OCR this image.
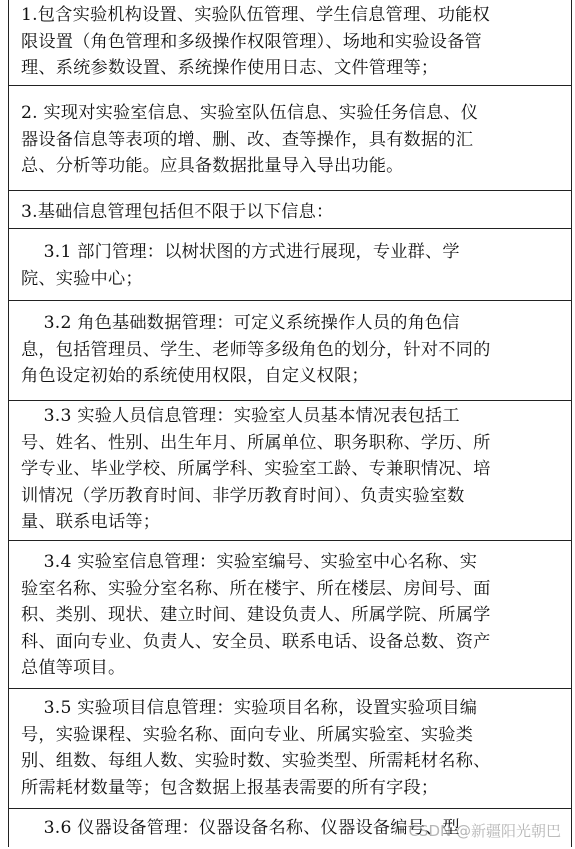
1.包含实验机构设置、实验队伍管理、学生信息管理、功能权
限设置（角色管理和多级操作权限管理）、场地和实验设备管
理、系统参数设置、系统操作使用日志、文件管理等；
2. 实现对实验室信息、实验室队伍信息、实验任务信息、仪
器设备信息等表项的增、删、改、查等操作，具有数据的汇
总、分析等功能。应具备数据批量导入导出功能。
3.基础信息管理包括但不限于以下信息：
3.1 部门管理：以树状图的方式进行展现，专业群、学
院、实验中心；
3.2 角色基础数据管理：可定义系统操作人员的角色信
息，包括管理员、学生、老师等多级角色的划分，针对不同的
角色设定初始的系统使用权限，自定义权限；
3.3 实验人员信息管理：实验室人员基本情况表包括工
号、姓名、性别、出生年月、所属单位、职务职称、学历、所
学专业、毕业学校、所属学科、实验室工龄、专兼职情况、培
训情况（学历教育时间、非学历教育时间）、负责实验室数
量、联系电话等；
3.4 实验室信息管理：实验室编号、实验室中心名称、实
验室名称、实验分室名称、所在楼宇、所在楼层、房间号、面
积、类别、现状、建立时间、建设负责人、所属学院、所属学
科、面向专业、负责人、安全员、联系电话、设备总数、资产
总值等项目。
3.5 实验项目信息管理：实验项目名称，设置实验项目编
号，实验课程、实验名称、面向专业、所属实验室、实验类
别、组数、每组人数、实验时数、实验类型、所需耗材名称、
所需耗材数量等；包含数据上报基表需要的所有字段；
3.6 仪器设备管理：仪器设备名称、仪器设备编号、型
CSDN @新疆阳光朝巴
